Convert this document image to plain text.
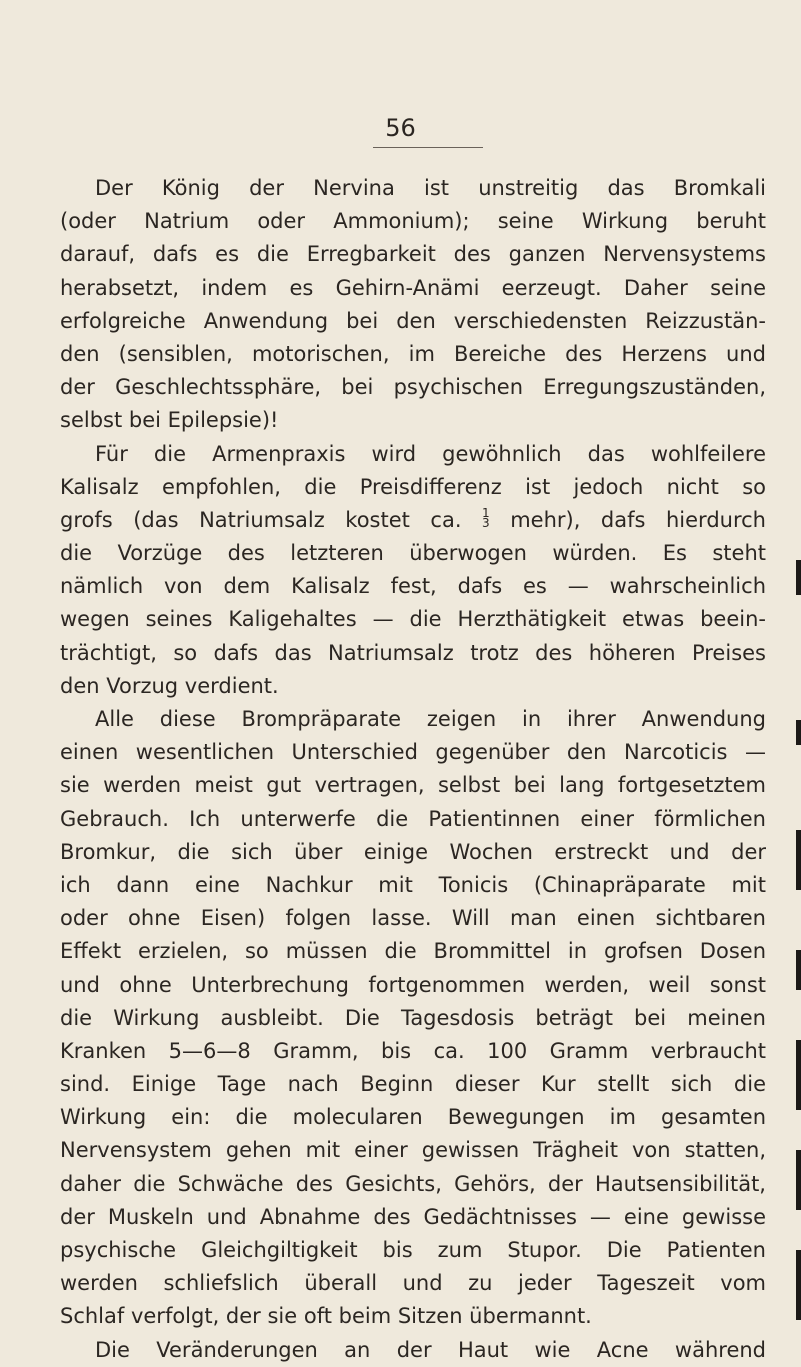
56
Der König der Nervina ist unstreitig das Bromkali
(oder Natrium oder Ammonium); seine Wirkung beruht
darauf, dafs es die Erregbarkeit des ganzen Nervensystems
herabsetzt, indem es Gehirn-Anämi eerzeugt. Daher seine
erfolgreiche Anwendung bei den verschiedensten Reizzustän-
den (sensiblen, motorischen, im Bereiche des Herzens und
der Geschlechtssphäre, bei psychischen Erregungszuständen,
selbst bei Epilepsie)!
Für die Armenpraxis wird gewöhnlich das wohlfeilere
Kalisalz empfohlen, die Preisdifferenz ist jedoch nicht so
grofs (das Natriumsalz kostet ca. 1
3 mehr), dafs hierdurch
die Vorzüge des letzteren überwogen würden. Es steht
nämlich von dem Kalisalz fest, dafs es — wahrscheinlich
wegen seines Kaligehaltes — die Herzthätigkeit etwas beein-
trächtigt, so dafs das Natriumsalz trotz des höheren Preises
den Vorzug verdient.
Alle diese Brompräparate zeigen in ihrer Anwendung
einen wesentlichen Unterschied gegenüber den Narcoticis —
sie werden meist gut vertragen, selbst bei lang fortgesetztem
Gebrauch. Ich unterwerfe die Patientinnen einer förmlichen
Bromkur, die sich über einige Wochen erstreckt und der
ich dann eine Nachkur mit Tonicis (Chinapräparate mit
oder ohne Eisen) folgen lasse. Will man einen sichtbaren
Effekt erzielen, so müssen die Brommittel in grofsen Dosen
und ohne Unterbrechung fortgenommen werden, weil sonst
die Wirkung ausbleibt. Die Tagesdosis beträgt bei meinen
Kranken 5—6—8 Gramm, bis ca. 100 Gramm verbraucht
sind. Einige Tage nach Beginn dieser Kur stellt sich die
Wirkung ein: die molecularen Bewegungen im gesamten
Nervensystem gehen mit einer gewissen Trägheit von statten,
daher die Schwäche des Gesichts, Gehörs, der Hautsensibilität,
der Muskeln und Abnahme des Gedächtnisses — eine gewisse
psychische Gleichgiltigkeit bis zum Stupor. Die Patienten
werden schliefslich überall und zu jeder Tageszeit vom
Schlaf verfolgt, der sie oft beim Sitzen übermannt.
Die Veränderungen an der Haut wie Acne während
